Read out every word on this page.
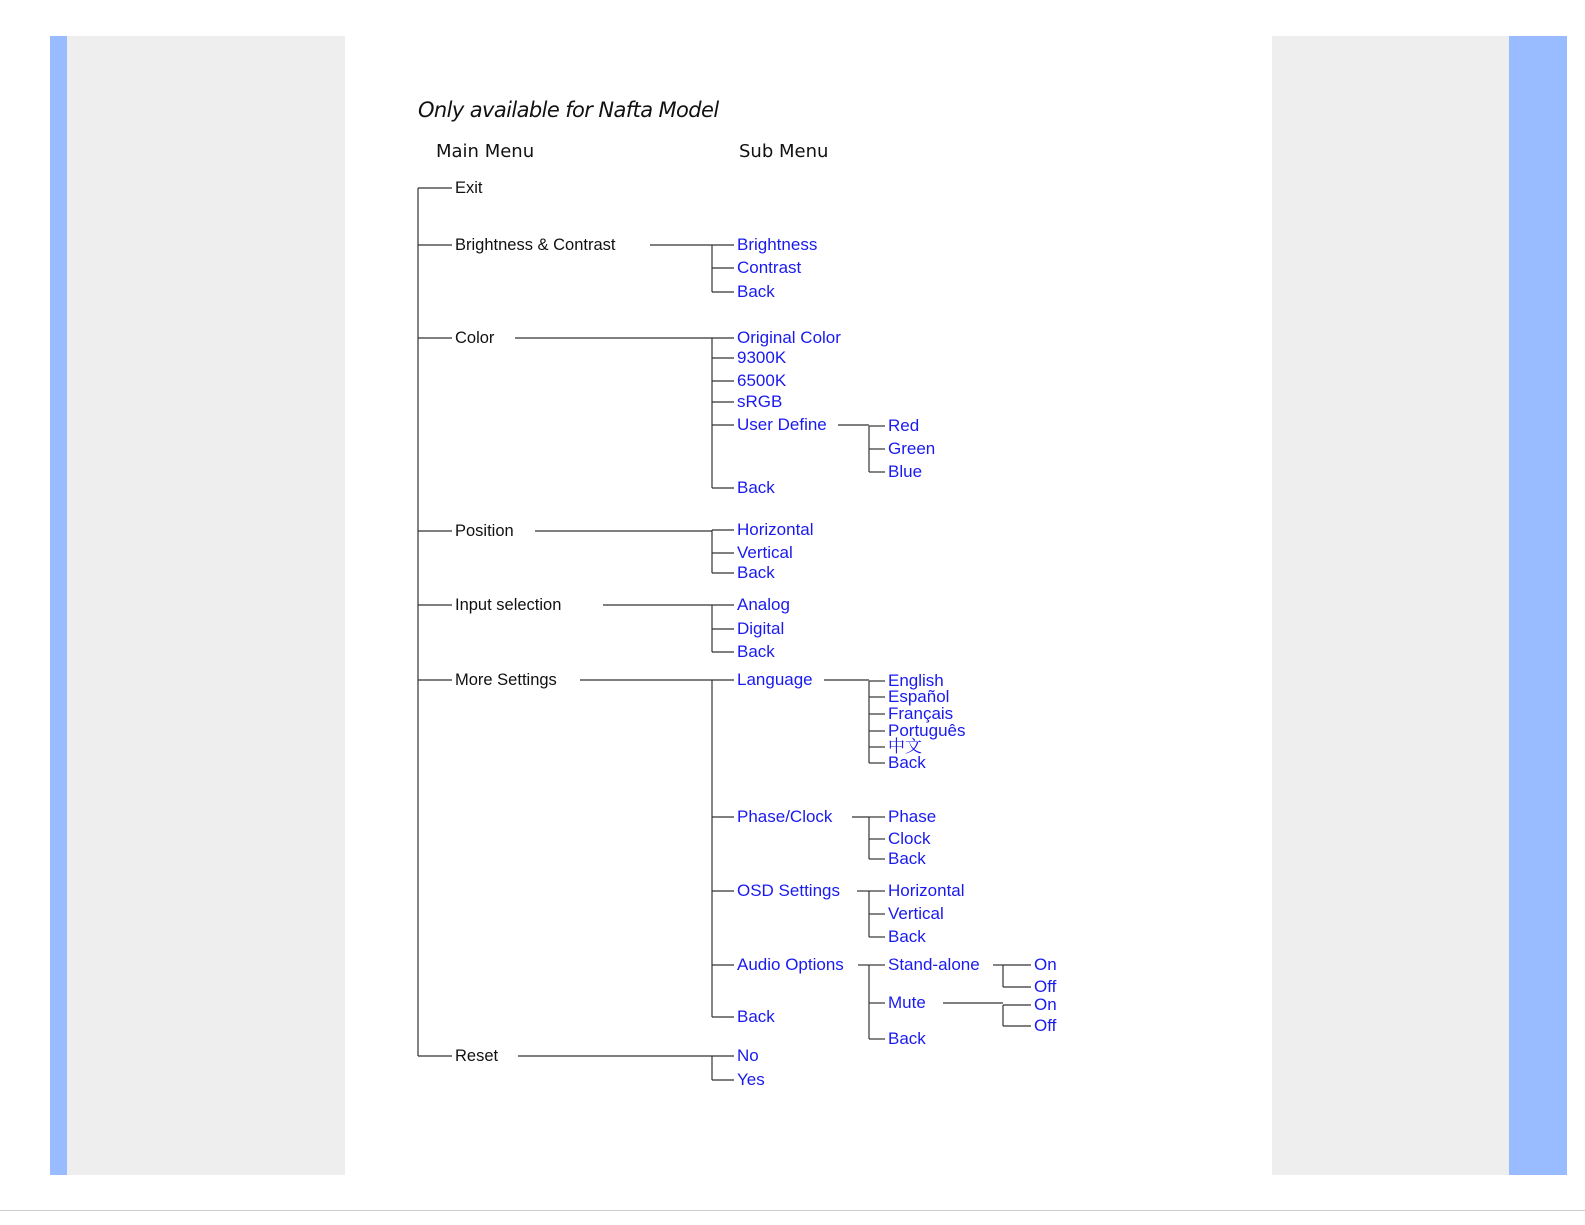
Only available for Nafta Model

Main Menu	Sub Menu
Exit
Brightness & Contrast	Brightness
Contrast
Back
Color	Original Color
9300K
6500K
sRGB
User Define	Red
Green
Blue
Back
Position	Horizontal
Vertical
Back
Input selection	Analog
Digital
Back
More Settings	Language	English
Español
Français
Português
中文
Back
Phase/Clock	Phase
Clock
Back
OSD Settings	Horizontal
Vertical
Back
Audio Options	Stand-alone	On
Off
Mute	On
Off
Back
Back
Reset	No
Yes
